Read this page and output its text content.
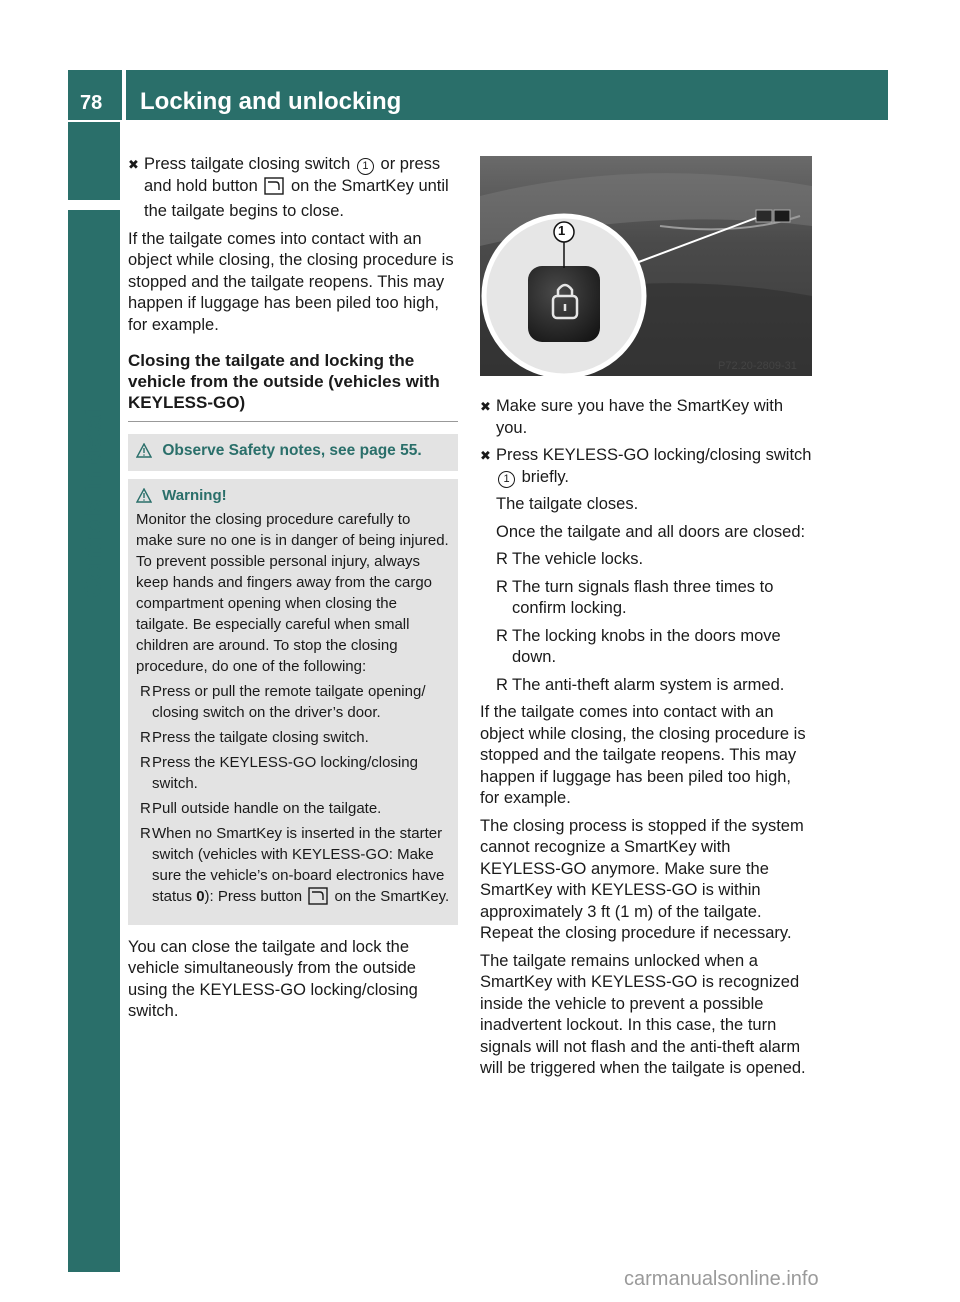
78 Locking and unlocking
Controls in detail
✖ Press tailgate closing switch 1 or press and hold button on the SmartKey until the tailgate begins to close.

If the tailgate comes into contact with an object while closing, the closing procedure is stopped and the tailgate reopens. This may happen if luggage has been piled too high, for example.

Closing the tailgate and locking the vehicle from the outside (vehicles with KEYLESS-GO)
Observe Safety notes, see page 55.
Warning!

Monitor the closing procedure carefully to make sure no one is in danger of being injured. To prevent possible personal injury, always keep hands and fingers away from the cargo compartment opening when closing the tailgate. Be especially careful when small children are around. To stop the closing procedure, do one of the following:

R Press or pull the remote tailgate opening/ closing switch on the driver’s door.
R Press the tailgate closing switch.
R Press the KEYLESS-GO locking/closing switch.
R Pull outside handle on the tailgate.
R When no SmartKey is inserted in the starter switch (vehicles with KEYLESS-GO: Make sure the vehicle’s on-board electronics have status 0): Press button on the SmartKey.

You can close the tailgate and lock the vehicle simultaneously from the outside using the KEYLESS-GO locking/closing switch.

1
P72.20-2809-31
✖ Make sure you have the SmartKey with you.
✖ Press KEYLESS-GO locking/closing switch 1 briefly.
The tailgate closes.
Once the tailgate and all doors are closed:
R The vehicle locks.
R The turn signals flash three times to confirm locking.
R The locking knobs in the doors move down.
R The anti-theft alarm system is armed.

If the tailgate comes into contact with an object while closing, the closing procedure is stopped and the tailgate reopens. This may happen if luggage has been piled too high, for example.

The closing process is stopped if the system cannot recognize a SmartKey with KEYLESS-GO anymore. Make sure the SmartKey with KEYLESS-GO is within approximately 3 ft (1 m) of the tailgate. Repeat the closing procedure if necessary.

The tailgate remains unlocked when a SmartKey with KEYLESS-GO is recognized inside the vehicle to prevent a possible inadvertent lockout. In this case, the turn signals will not flash and the anti-theft alarm will be triggered when the tailgate is opened.

carmanualsonline.info
